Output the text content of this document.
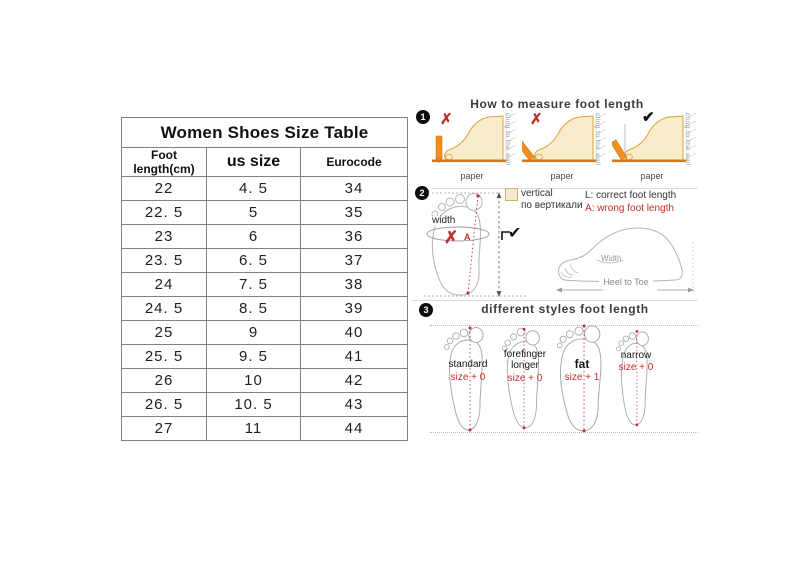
Women Shoes Size Table		
Foot length(cm)	us size	Eurocode
22	4. 5	34
22. 5	5	35
23	6	36
23. 5	6. 5	37
24	7. 5	38
24. 5	8. 5	39
25	9	40
25. 5	9. 5	41
26	10	42
26. 5	10. 5	43
27	11	44
How to measure foot length
1 ✗	cling to the wall
paper
✗	cling to the wall
paper
✔	cling to the wall
paper
2
width
✗ A ✔
vertical
по вертикали
L: correct foot length
A: wrong foot length
Width
Heel to Toe
3	different styles foot length
standard
size + 0
forefinger longer
size + 0
fat
size + 1
narrow
size + 0
